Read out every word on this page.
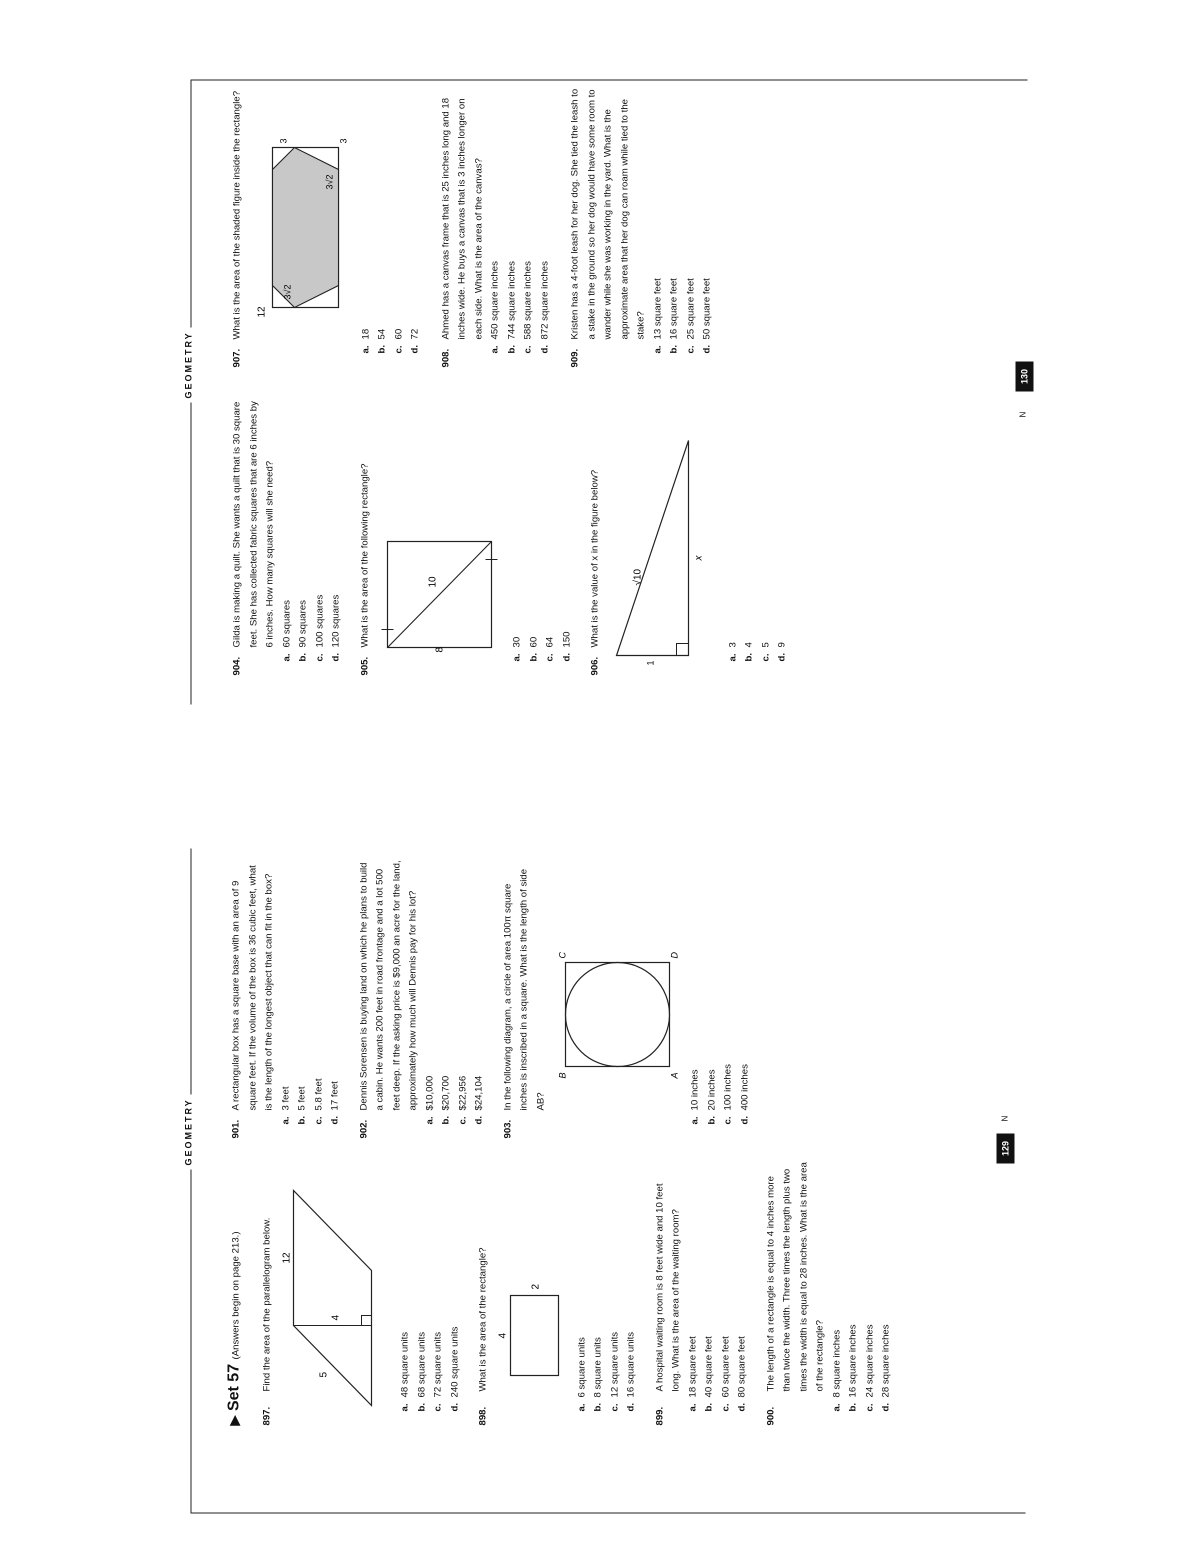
GEOMETRY	129
N
▶ Set 57 (Answers begin on page 213.)
897.
Find the area of the parallelogram below.	5
4
12
a.48 square units
b.68 square units
c.72 square units
d.240 square units
898.
What is the area of the rectangle? 4
2
a.6 square units
b.8 square units
c.12 square units
d.16 square units
899.
A hospital waiting room is 8 feet wide and 10 feet long. What is the area of the waiting room?
a.18 square feet
b.40 square feet
c.60 square feet
d.80 square feet
900.
The length of a rectangle is equal to 4 inches more than twice the width. Three times the length plus two times the width is equal to 28 inches. What is the area of the rectangle?
a.8 square inches
b.16 square inches
c.24 square inches
d.28 square inches
901.
A rectangular box has a square base with an area of 9 square feet. If the volume of the box is 36 cubic feet, what is the length of the longest object that can fit in the box?
a.3 feet
b.5 feet
c.5.8 feet
d.17 feet
902.
Dennis Sorensen is buying land on which he plans to build a cabin. He wants 200 feet in road frontage and a lot 500 feet deep. If the asking price is $9,000 an acre for the land, approximately how much will Dennis pay for his lot?
a.$10,000
b.$20,700
c.$22,956
d.$24,104
903.
In the following diagram, a circle of area 100π square inches is inscribed in a square. What is the length of side AB?
A
B
C	D
a.10 inches
b.20 inches
c.100 inches
d.400 inches
GEOMETRY	130
N
904.
Gilda is making a quilt. She wants a quilt that is 30 square feet. She has collected fabric squares that are 6 inches by 6 inches. How many squares will she need?
a.60 squares
b.90 squares
c.100 squares
d.120 squares
905.
What is the area of the following rectangle?	10
8
a.30
b.60
c.64
d.150
906.
What is the value of x in the figure below?	√10
1
x
a.3
b.4
c.5
d.9
907.
What is the area of the shaded figure inside the rectangle?	12
3	3
3√2
3√2
a.18
b.54
c.60
d.72
908.
Ahmed has a canvas frame that is 25 inches long and 18 inches wide. He buys a canvas that is 3 inches longer on each side. What is the area of the canvas?
a.450 square inches
b.744 square inches
c.588 square inches
d.872 square inches
909.
Kristen has a 4-foot leash for her dog. She tied the leash to a stake in the ground so her dog would have some room to wander while she was working in the yard. What is the approximate area that her dog can roam while tied to the stake?
a.13 square feet
b.16 square feet
c.25 square feet
d.50 square feet
